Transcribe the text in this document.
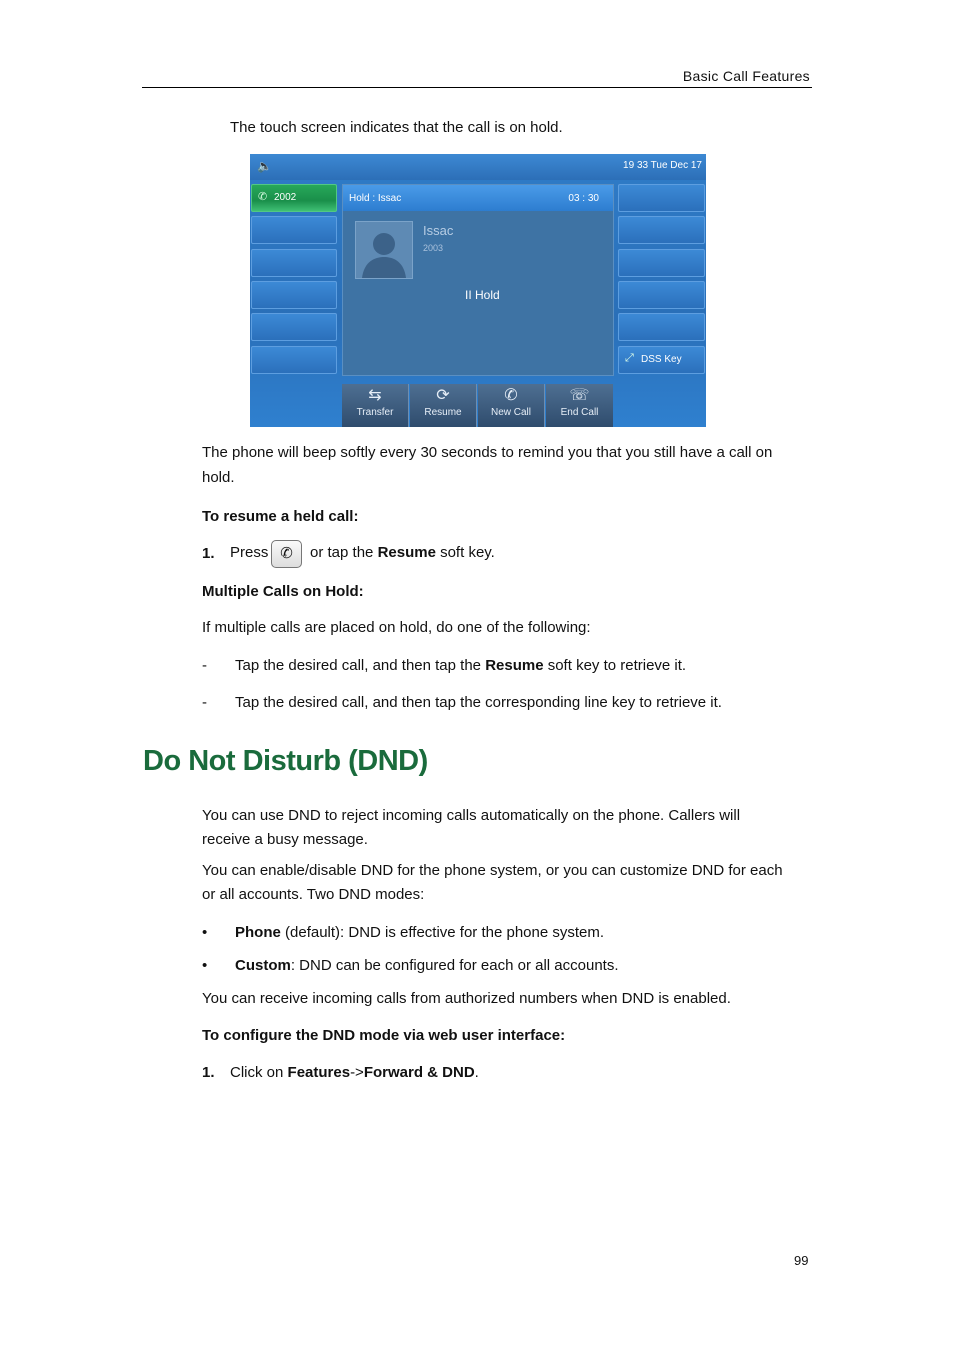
Basic Call Features
The touch screen indicates that the call is on hold.
🔈	19 33 Tue Dec 17
✆ 2002
⤢ DSS Key
Hold : Issac	03 : 30
Issac
2003
II Hold
⇆
Transfer
⟳
Resume
✆
New Call
☏
End Call
The phone will beep softly every 30 seconds to remind you that you still have a call on
hold.
To resume a held call:
1. Press ✆	or tap the Resume soft key.
Multiple Calls on Hold:
If multiple calls are placed on hold, do one of the following:
- Tap the desired call, and then tap the Resume soft key to retrieve it.
- Tap the desired call, and then tap the corresponding line key to retrieve it.
Do Not Disturb (DND)
You can use DND to reject incoming calls automatically on the phone. Callers will
receive a busy message.
You can enable/disable DND for the phone system, or you can customize DND for each
or all accounts. Two DND modes:
• Phone (default): DND is effective for the phone system.
• Custom: DND can be configured for each or all accounts.
You can receive incoming calls from authorized numbers when DND is enabled.
To configure the DND mode via web user interface:
1. Click on Features->Forward & DND.
99
